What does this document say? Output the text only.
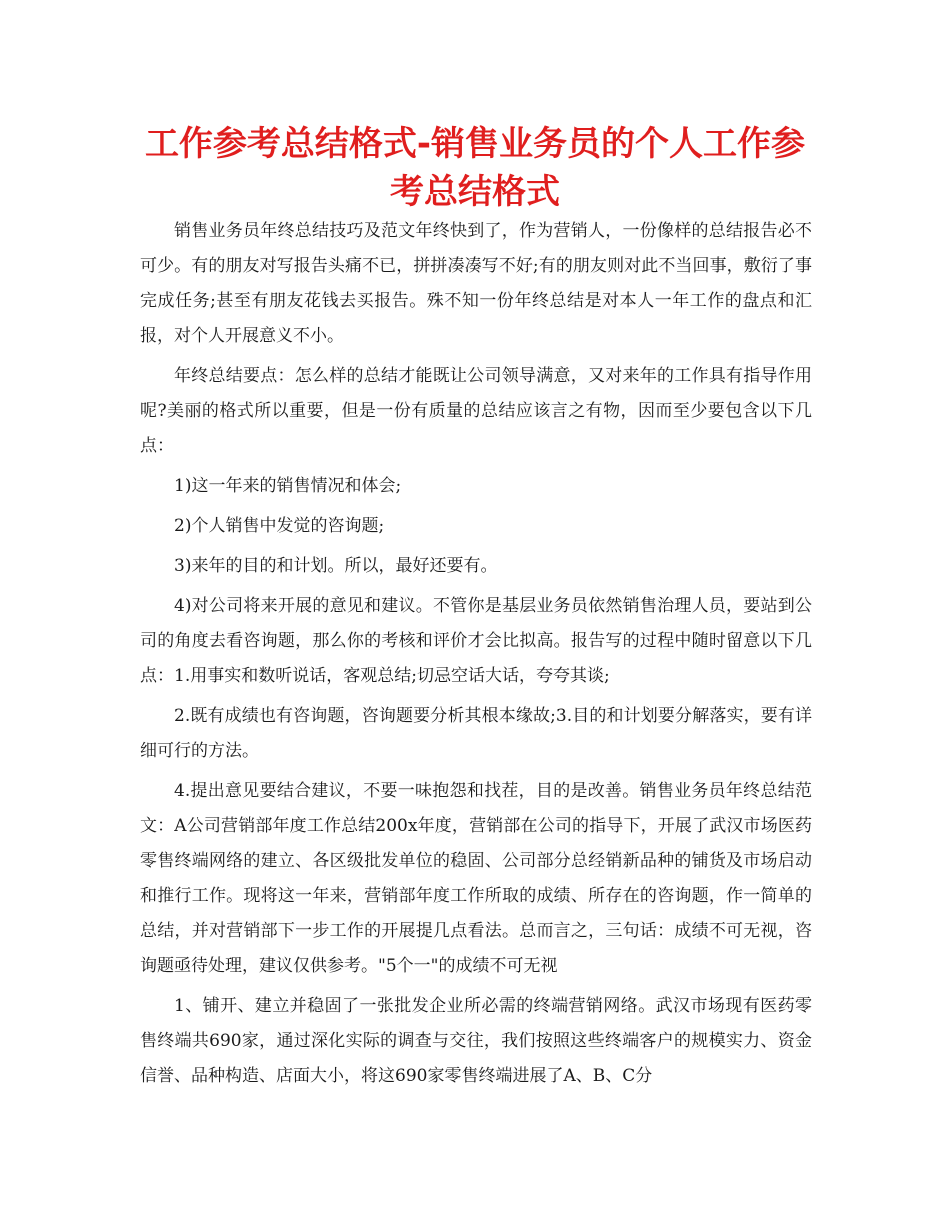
工作参考总结格式-销售业务员的个人工作参考总结格式

销售业务员年终总结技巧及范文年终快到了，作为营销人，一份像样的总结报告必不可少。有的朋友对写报告头痛不已，拼拼凑凑写不好;有的朋友则对此不当回事，敷衍了事完成任务;甚至有朋友花钱去买报告。殊不知一份年终总结是对本人一年工作的盘点和汇报，对个人开展意义不小。

年终总结要点：怎么样的总结才能既让公司领导满意，又对来年的工作具有指导作用呢?美丽的格式所以重要，但是一份有质量的总结应该言之有物，因而至少要包含以下几点：

1)这一年来的销售情况和体会;

2)个人销售中发觉的咨询题;

3)来年的目的和计划。所以，最好还要有。

4)对公司将来开展的意见和建议。不管你是基层业务员依然销售治理人员，要站到公司的角度去看咨询题，那么你的考核和评价才会比拟高。报告写的过程中随时留意以下几点：1.用事实和数听说话，客观总结;切忌空话大话，夸夸其谈;

2.既有成绩也有咨询题，咨询题要分析其根本缘故;3.目的和计划要分解落实，要有详细可行的方法。

4.提出意见要结合建议，不要一味抱怨和找茬，目的是改善。销售业务员年终总结范文：A公司营销部年度工作总结200x年度，营销部在公司的指导下，开展了武汉市场医药零售终端网络的建立、各区级批发单位的稳固、公司部分总经销新品种的铺货及市场启动和推行工作。现将这一年来，营销部年度工作所取的成绩、所存在的咨询题，作一简单的总结，并对营销部下一步工作的开展提几点看法。总而言之，三句话：成绩不可无视，咨询题亟待处理，建议仅供参考。"5个一"的成绩不可无视

1、铺开、建立并稳固了一张批发企业所必需的终端营销网络。武汉市场现有医药零售终端共690家，通过深化实际的调查与交往，我们按照这些终端客户的规模实力、资金信誉、品种构造、店面大小，将这690家零售终端进展了A、B、C分
